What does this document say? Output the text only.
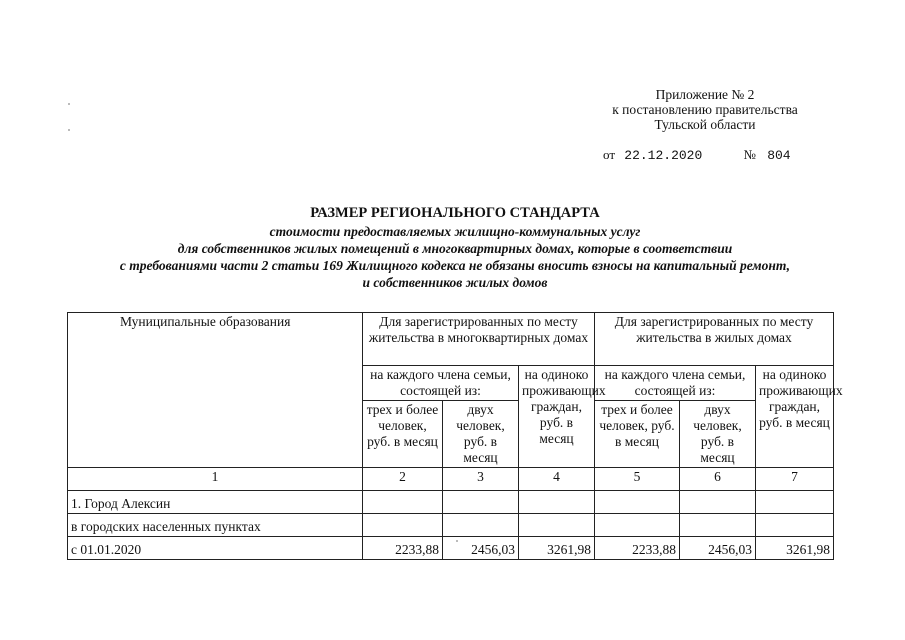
Приложение № 2
к постановлению правительства
Тульской области
от 22.12.2020	№ 804
РАЗМЕР РЕГИОНАЛЬНОГО СТАНДАРТА
стоимости предоставляемых жилищно-коммунальных услуг
для собственников жилых помещений в многоквартирных домах, которые в соответствии
с требованиями части 2 статьи 169 Жилищного кодекса не обязаны вносить взносы на капитальный ремонт,
и собственников жилых домов
Муниципальные образования	Для зарегистрированных по месту жительства в многоквартирных домах			Для зарегистрированных по месту жительства в жилых домах		
	на каждого члена семьи, состоящей из:		на одиноко проживающих граждан, руб. в месяц	на каждого члена семьи, состоящей из:		на одиноко проживающих граждан, руб. в месяц
	трех и более человек, руб. в месяц	двух человек, руб. в месяц		трех и более человек, руб. в месяц	двух человек, руб. в месяц	
1	2	3	4	5	6	7
1. Город Алексин						
в городских населенных пунктах						
с 01.01.2020	2233,88	2456,03	3261,98	2233,88	2456,03	3261,98
